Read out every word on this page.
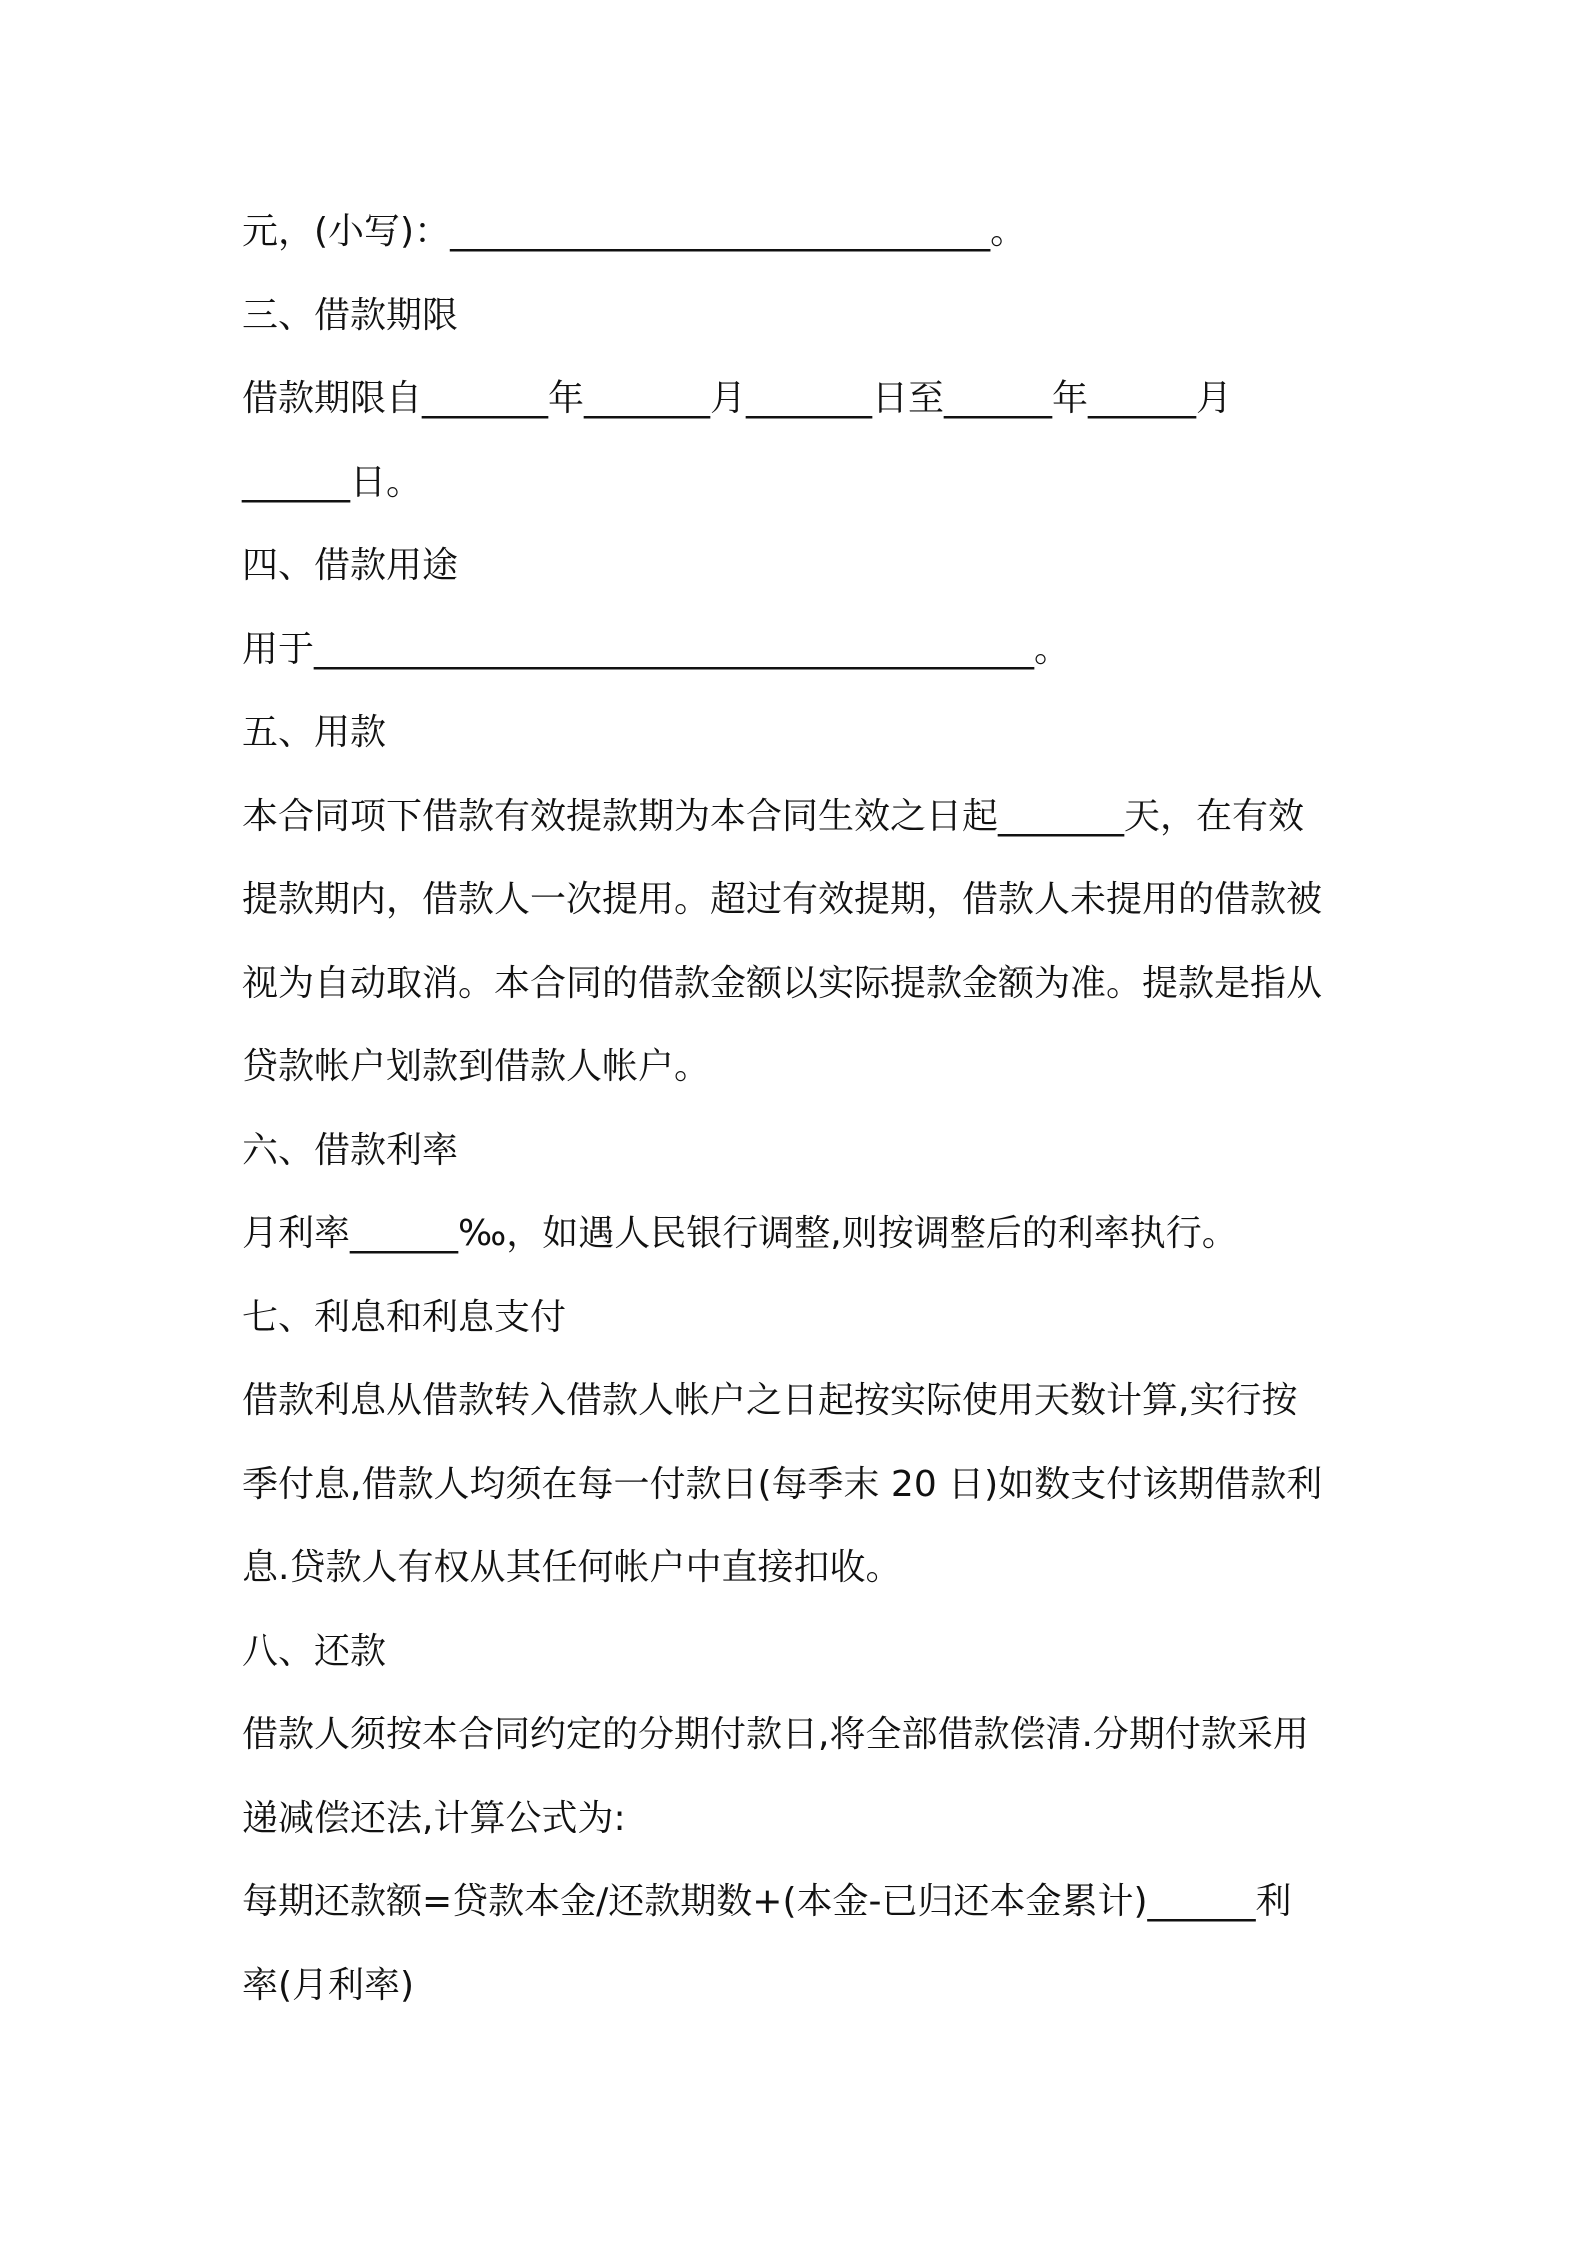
元，(小写)：______________________________。
三、借款期限
借款期限自_______年_______月_______日至______年______月
______日。
四、借款用途
用于________________________________________。
五、用款
本合同项下借款有效提款期为本合同生效之日起_______天，在有效
提款期内，借款人一次提用。超过有效提期，借款人未提用的借款被
视为自动取消。本合同的借款金额以实际提款金额为准。提款是指从
贷款帐户划款到借款人帐户。
六、借款利率
月利率______‰，如遇人民银行调整,则按调整后的利率执行。
七、利息和利息支付
借款利息从借款转入借款人帐户之日起按实际使用天数计算,实行按
季付息,借款人均须在每一付款日(每季末 20 日)如数支付该期借款利
息.贷款人有权从其任何帐户中直接扣收。
八、还款
借款人须按本合同约定的分期付款日,将全部借款偿清.分期付款采用
递减偿还法,计算公式为:
每期还款额=贷款本金/还款期数+(本金-已归还本金累计)______利
率(月利率)
